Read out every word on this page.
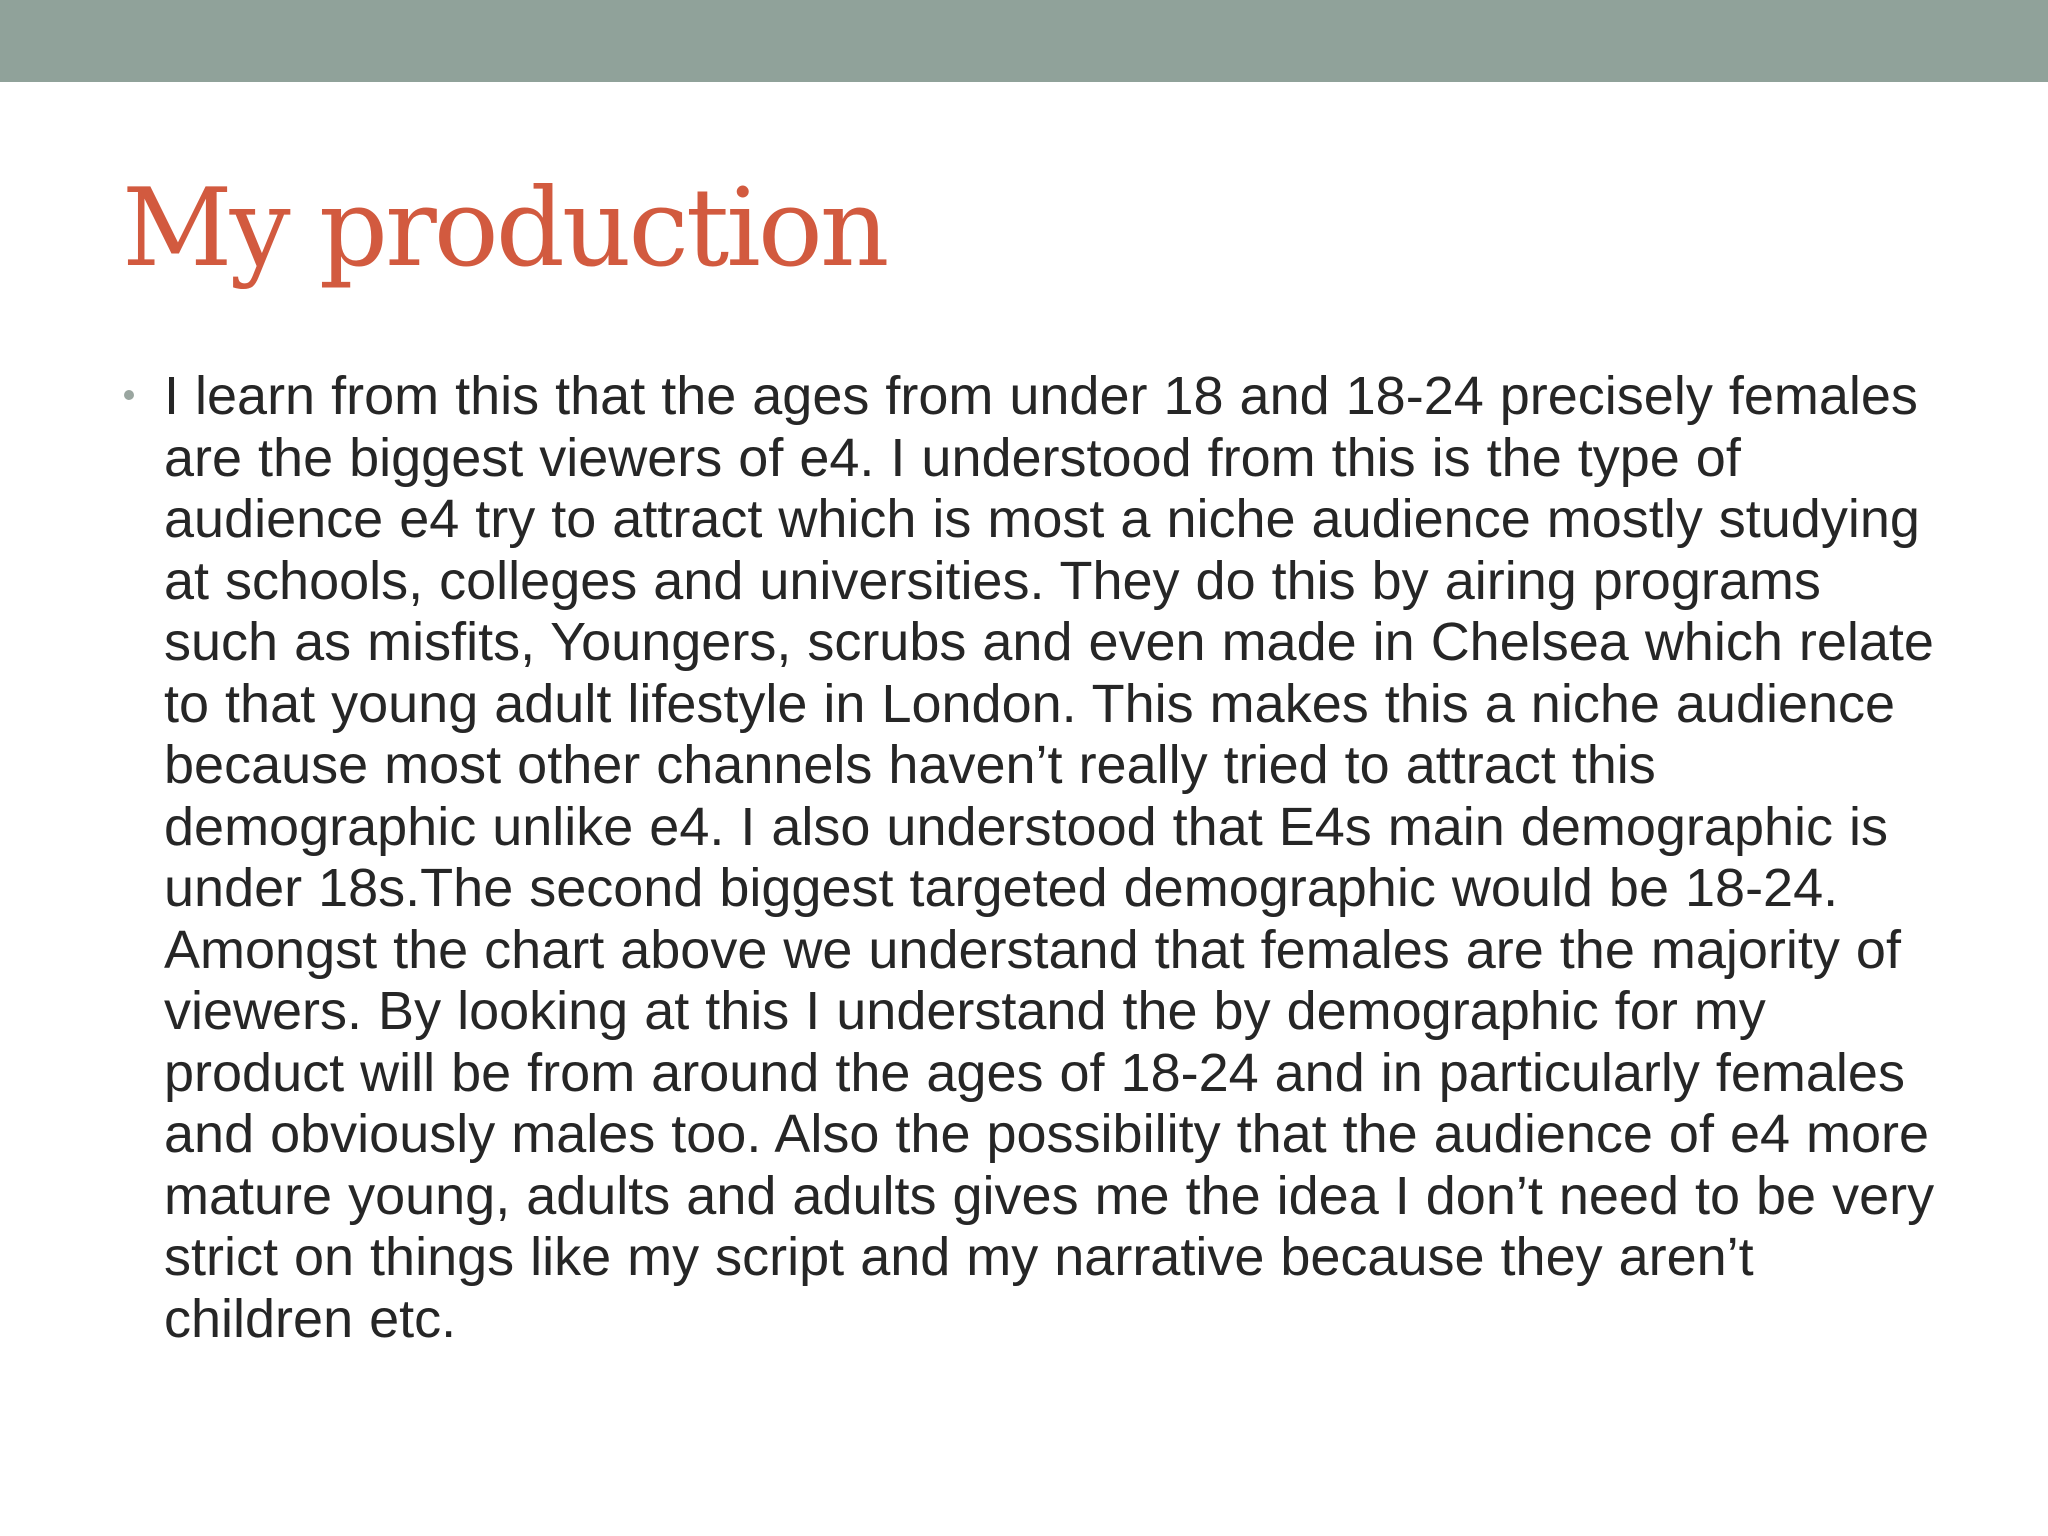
My production
I learn from this that the ages from under 18 and 18-24 precisely females are the biggest viewers of e4. I understood from this is the type of audience e4 try to attract which is most a niche audience mostly studying at schools, colleges and universities. They do this by airing programs such as misfits, Youngers, scrubs and even made in Chelsea which relate to that young adult lifestyle in London. This makes this a niche audience because most other channels haven’t really tried to attract this demographic unlike e4. I also understood that E4s main demographic is under 18s.The second biggest targeted demographic would be 18-24. Amongst the chart above we understand that females are the majority of viewers. By looking at this I understand the by demographic for my product will be from around the ages of 18-24 and in particularly females and obviously males too. Also the possibility that the audience of e4 more mature young, adults and adults gives me the idea I don’t need to be very strict on things like my script and my narrative because they aren’t children etc.
